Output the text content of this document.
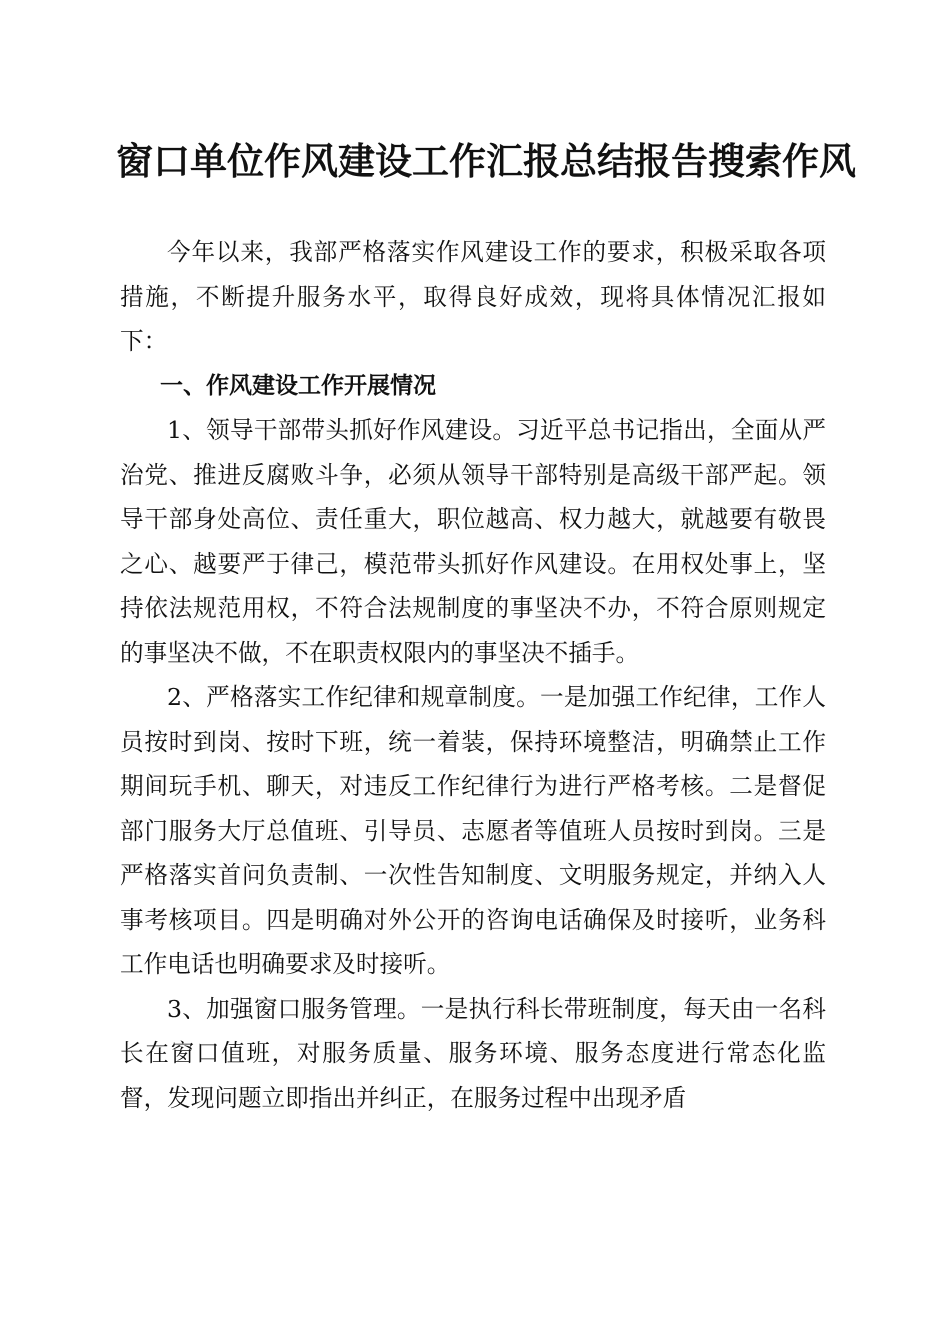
窗口单位作风建设工作汇报总结报告搜索作风

今年以来，我部严格落实作风建设工作的要求，积极采取各项措施，不断提升服务水平，取得良好成效，现将具体情况汇报如下：

一、作风建设工作开展情况

1、领导干部带头抓好作风建设。习近平总书记指出，全面从严治党、推进反腐败斗争，必须从领导干部特别是高级干部严起。领导干部身处高位、责任重大，职位越高、权力越大，就越要有敬畏之心、越要严于律己，模范带头抓好作风建设。在用权处事上，坚持依法规范用权，不符合法规制度的事坚决不办，不符合原则规定的事坚决不做，不在职责权限内的事坚决不插手。

2、严格落实工作纪律和规章制度。一是加强工作纪律，工作人员按时到岗、按时下班，统一着装，保持环境整洁，明确禁止工作期间玩手机、聊天，对违反工作纪律行为进行严格考核。二是督促部门服务大厅总值班、引导员、志愿者等值班人员按时到岗。三是严格落实首问负责制、一次性告知制度、文明服务规定，并纳入人事考核项目。四是明确对外公开的咨询电话确保及时接听，业务科工作电话也明确要求及时接听。

3、加强窗口服务管理。一是执行科长带班制度，每天由一名科长在窗口值班，对服务质量、服务环境、服务态度进行常态化监督，发现问题立即指出并纠正，在服务过程中出现矛盾
